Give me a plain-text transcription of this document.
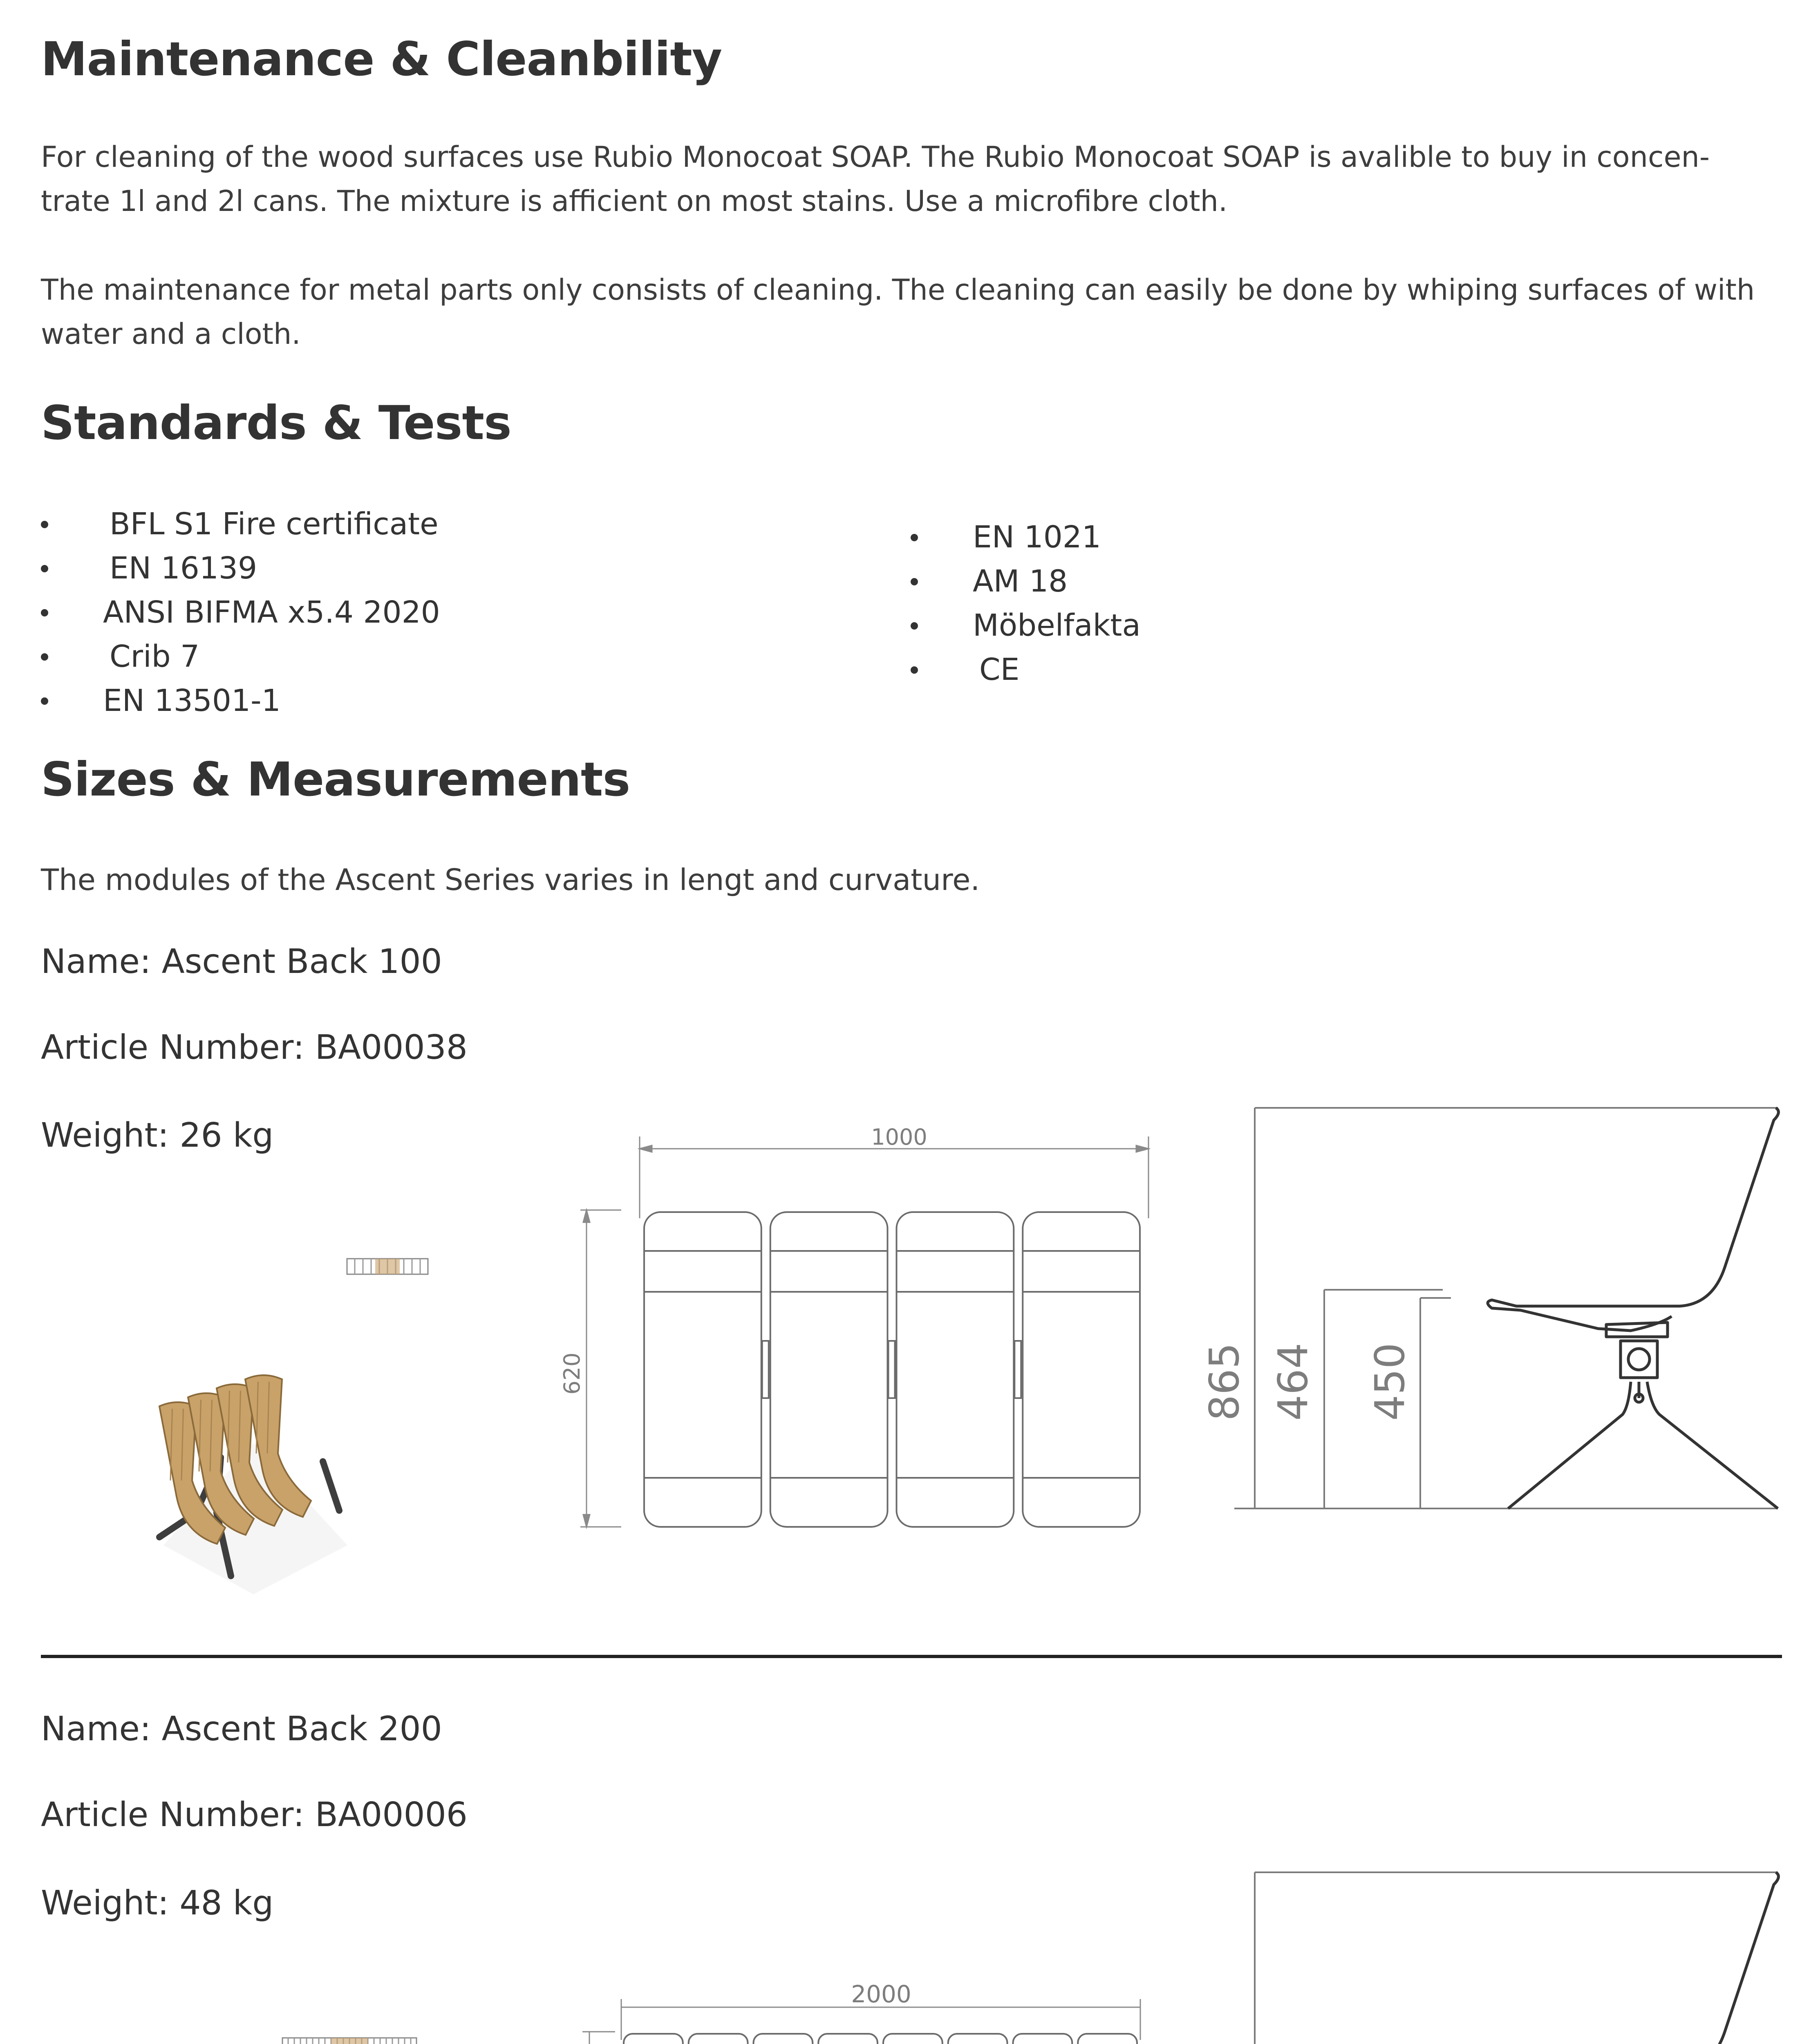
Maintenance & Cleanbility
For cleaning of the wood surfaces use Rubio Monocoat SOAP. The Rubio Monocoat SOAP is avalible to buy in concen-
trate 1l and 2l cans. The mixture is afficient on most stains. Use a microfibre cloth.
The maintenance for metal parts only consists of cleaning. The cleaning can easily be done by whiping surfaces of with
water and a cloth.
Standards & Tests
BFL S1 Fire certificate
EN 16139
ANSI BIFMA x5.4 2020
Crib 7
EN 13501-1
EN 1021
AM 18
Möbelfakta
CE
Sizes & Measurements
The modules of the Ascent Series varies in lengt and curvature.
Name: Ascent Back 100
Article Number: BA00038
Weight: 26 kg	1000
620	865 464 450
Name: Ascent Back 200
Article Number: BA00006
Weight: 48 kg
2000
